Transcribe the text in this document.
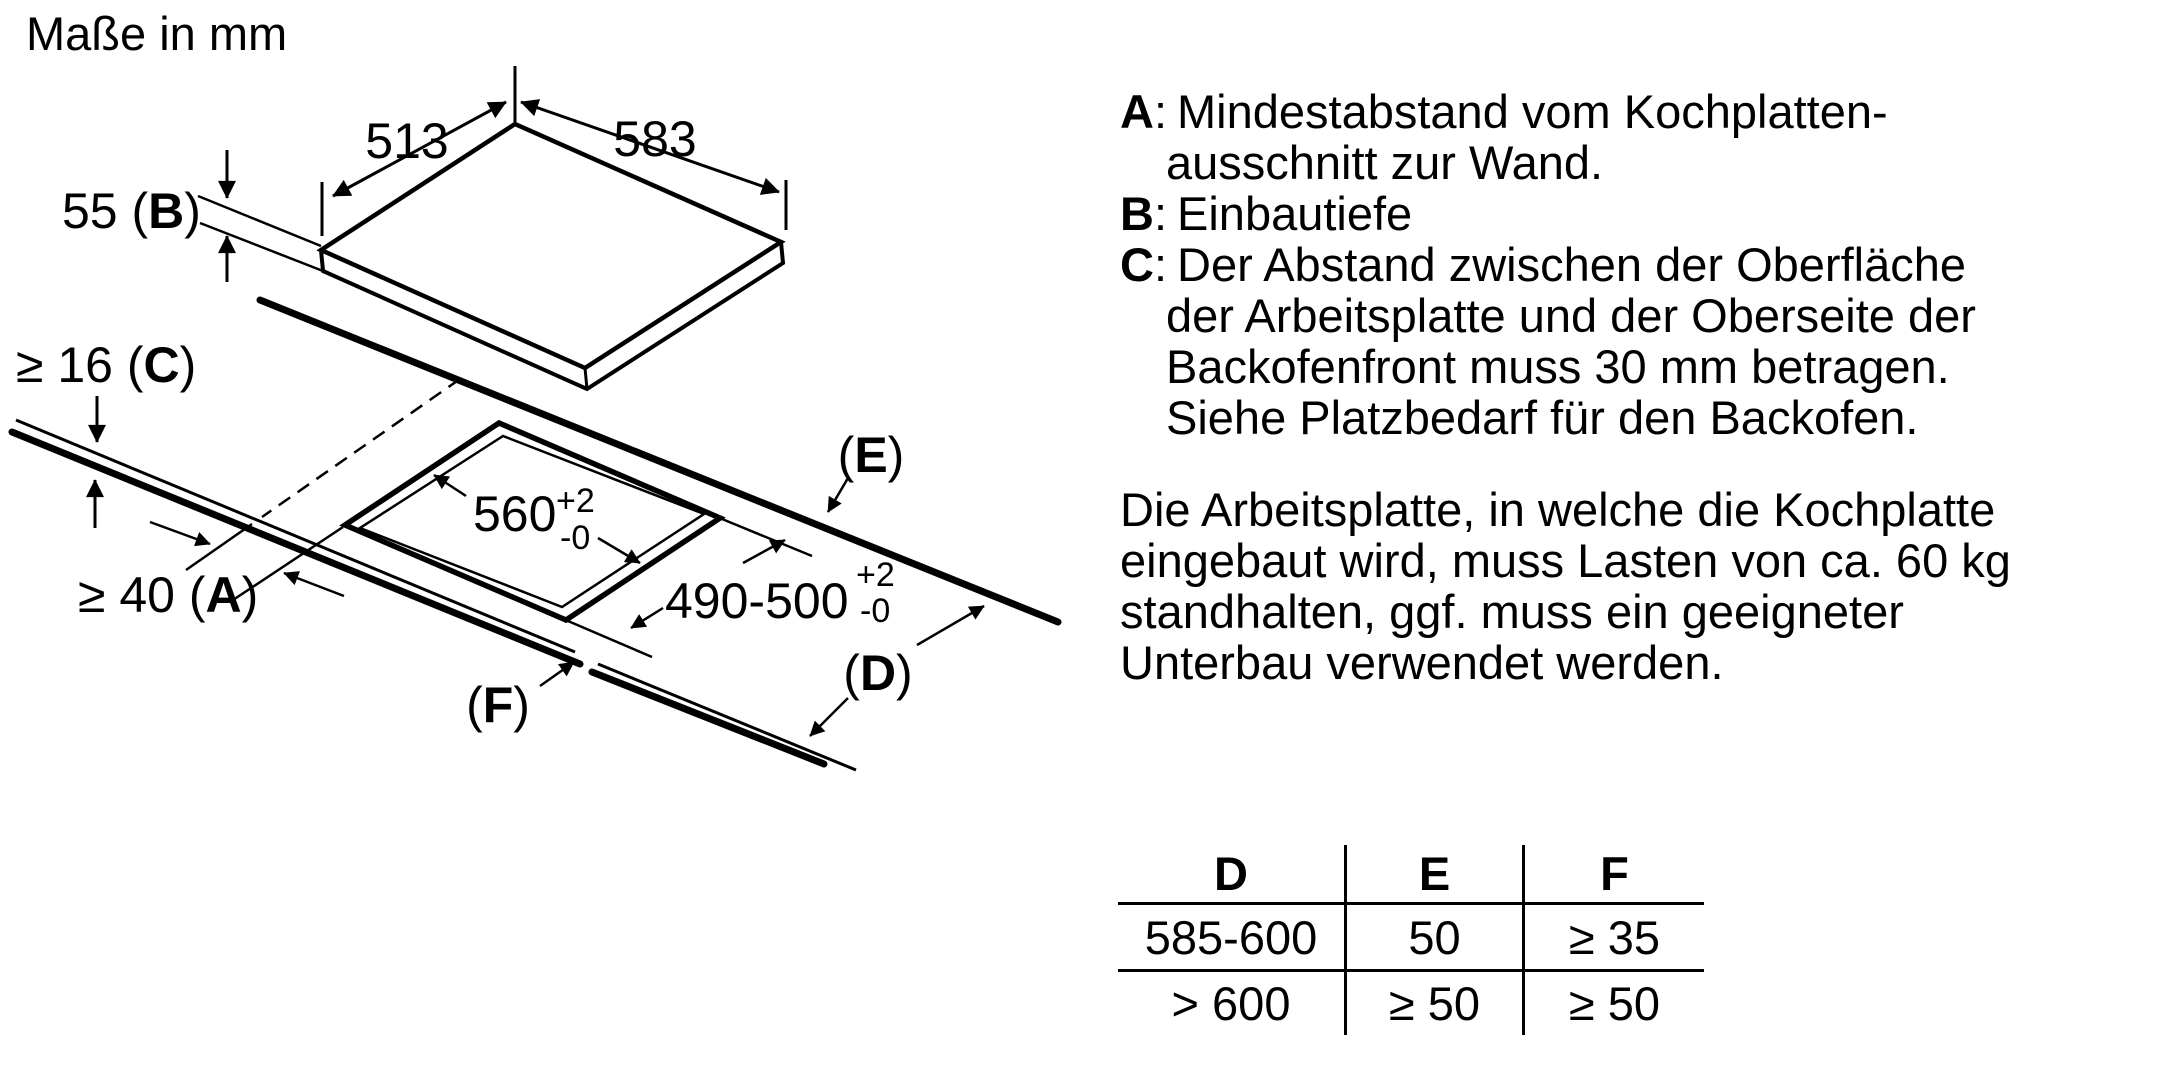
Maße in mm
513	583
55 (B)
≥ 16 (C)
≥ 40 (A)
560 +2
-0
490-500 +2
-0
(E)
(D)
(F)
A: Mindestabstand vom Kochplatten-
ausschnitt zur Wand.
B: Einbautiefe
C: Der Abstand zwischen der Oberfläche
der Arbeitsplatte und der Oberseite der
Backofenfront muss 30 mm betragen.
Siehe Platzbedarf für den Backofen.
Die Arbeitsplatte, in welche die Kochplatte
eingebaut wird, muss Lasten von ca. 60 kg
standhalten, ggf. muss ein geeigneter
Unterbau verwendet werden.
D	E	F
585-600	50	≥ 35
> 600	≥ 50	≥ 50
